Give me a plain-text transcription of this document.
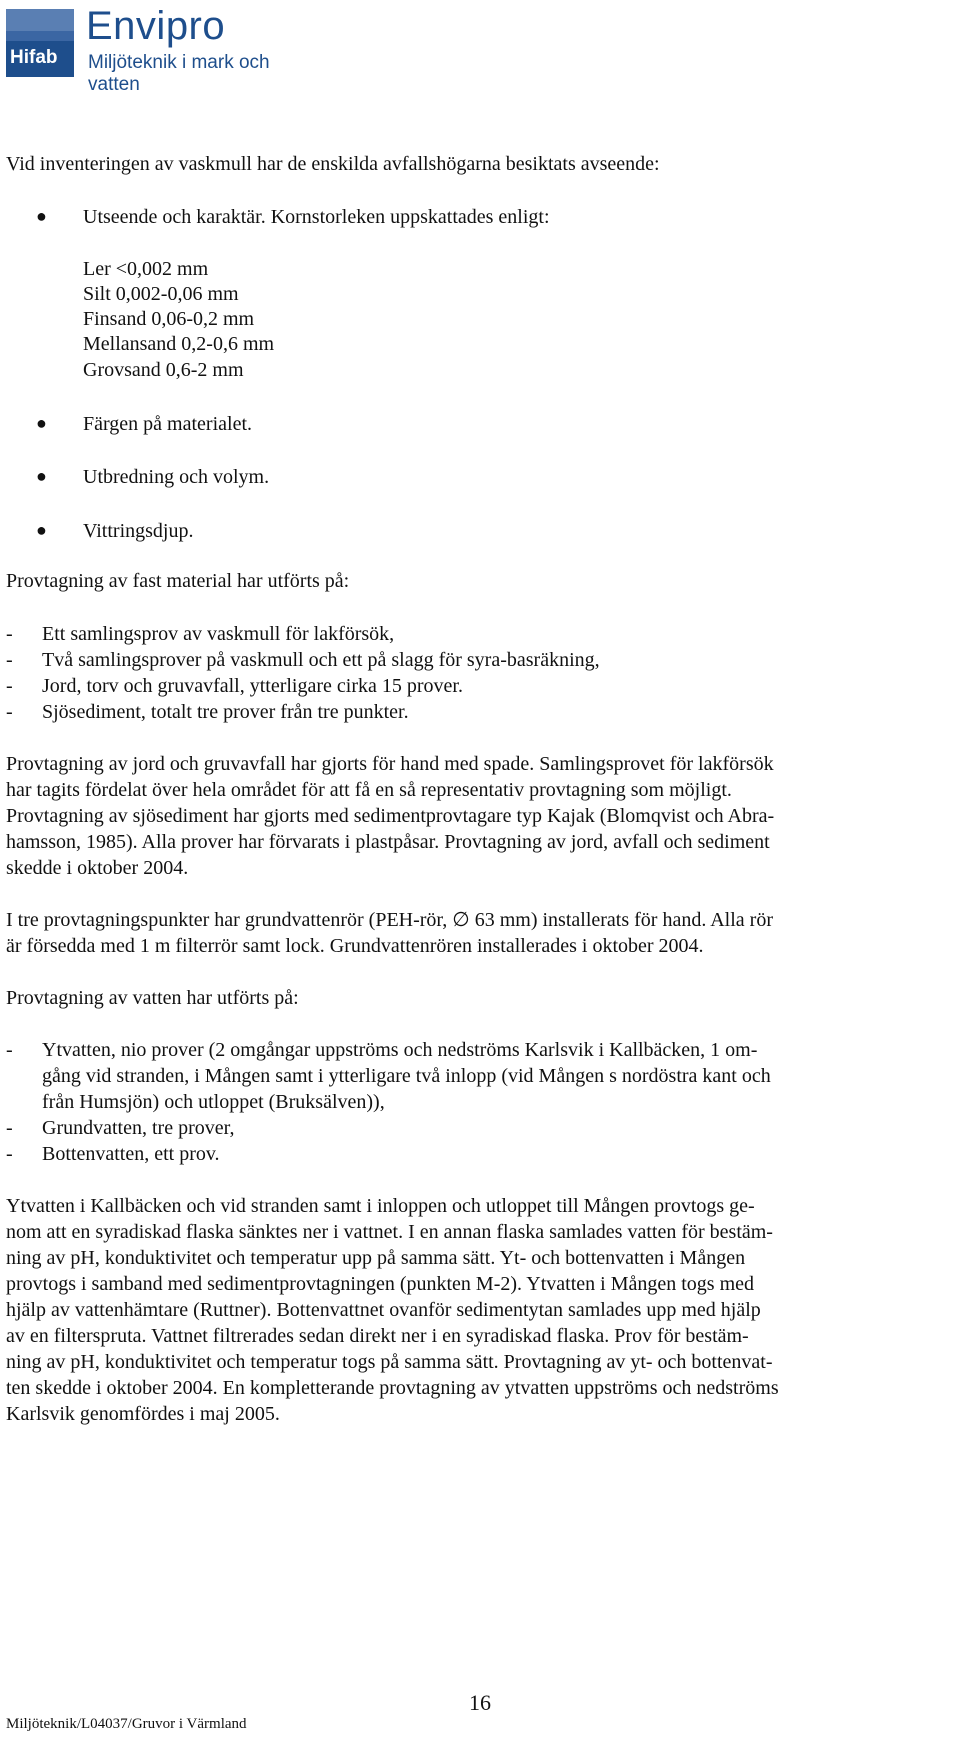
Hifab
Envipro
Miljöteknik i mark och vatten
Vid inventeringen av vaskmull har de enskilda avfallshögarna besiktats avseende:
● Utseende och karaktär. Kornstorleken uppskattades enligt:
Ler <0,002 mm
Silt 0,002-0,06 mm
Finsand 0,06-0,2 mm
Mellansand 0,2-0,6 mm
Grovsand 0,6-2 mm
● Färgen på materialet.
● Utbredning och volym.
● Vittringsdjup.
Provtagning av fast material har utförts på:
- Ett samlingsprov av vaskmull för lakförsök,
- Två samlingsprover på vaskmull och ett på slagg för syra-basräkning,
- Jord, torv och gruvavfall, ytterligare cirka 15 prover.
- Sjösediment, totalt tre prover från tre punkter.
Provtagning av jord och gruvavfall har gjorts för hand med spade. Samlingsprovet för lakförsök
har tagits fördelat över hela området för att få en så representativ provtagning som möjligt.
Provtagning av sjösediment har gjorts med sedimentprovtagare typ Kajak (Blomqvist och Abra-
hamsson, 1985). Alla prover har förvarats i plastpåsar. Provtagning av jord, avfall och sediment
skedde i oktober 2004.
I tre provtagningspunkter har grundvattenrör (PEH-rör, ∅ 63 mm) installerats för hand. Alla rör
är försedda med 1 m filterrör samt lock. Grundvattenrören installerades i oktober 2004.
Provtagning av vatten har utförts på:
- Ytvatten, nio prover (2 omgångar uppströms och nedströms Karlsvik i Kallbäcken, 1 om-
gång vid stranden, i Mången samt i ytterligare två inlopp (vid Mången s nordöstra kant och
från Humsjön) och utloppet (Bruksälven)),
- Grundvatten, tre prover,
- Bottenvatten, ett prov.
Ytvatten i Kallbäcken och vid stranden samt i inloppen och utloppet till Mången provtogs ge-
nom att en syradiskad flaska sänktes ner i vattnet. I en annan flaska samlades vatten för bestäm-
ning av pH, konduktivitet och temperatur upp på samma sätt. Yt- och bottenvatten i Mången
provtogs i samband med sedimentprovtagningen (punkten M-2). Ytvatten i Mången togs med
hjälp av vattenhämtare (Ruttner). Bottenvattnet ovanför sedimentytan samlades upp med hjälp
av en filterspruta. Vattnet filtrerades sedan direkt ner i en syradiskad flaska. Prov för bestäm-
ning av pH, konduktivitet och temperatur togs på samma sätt. Provtagning av yt- och bottenvat-
ten skedde i oktober 2004. En kompletterande provtagning av ytvatten uppströms och nedströms
Karlsvik genomfördes i maj 2005.
16
Miljöteknik/L04037/Gruvor i Värmland
